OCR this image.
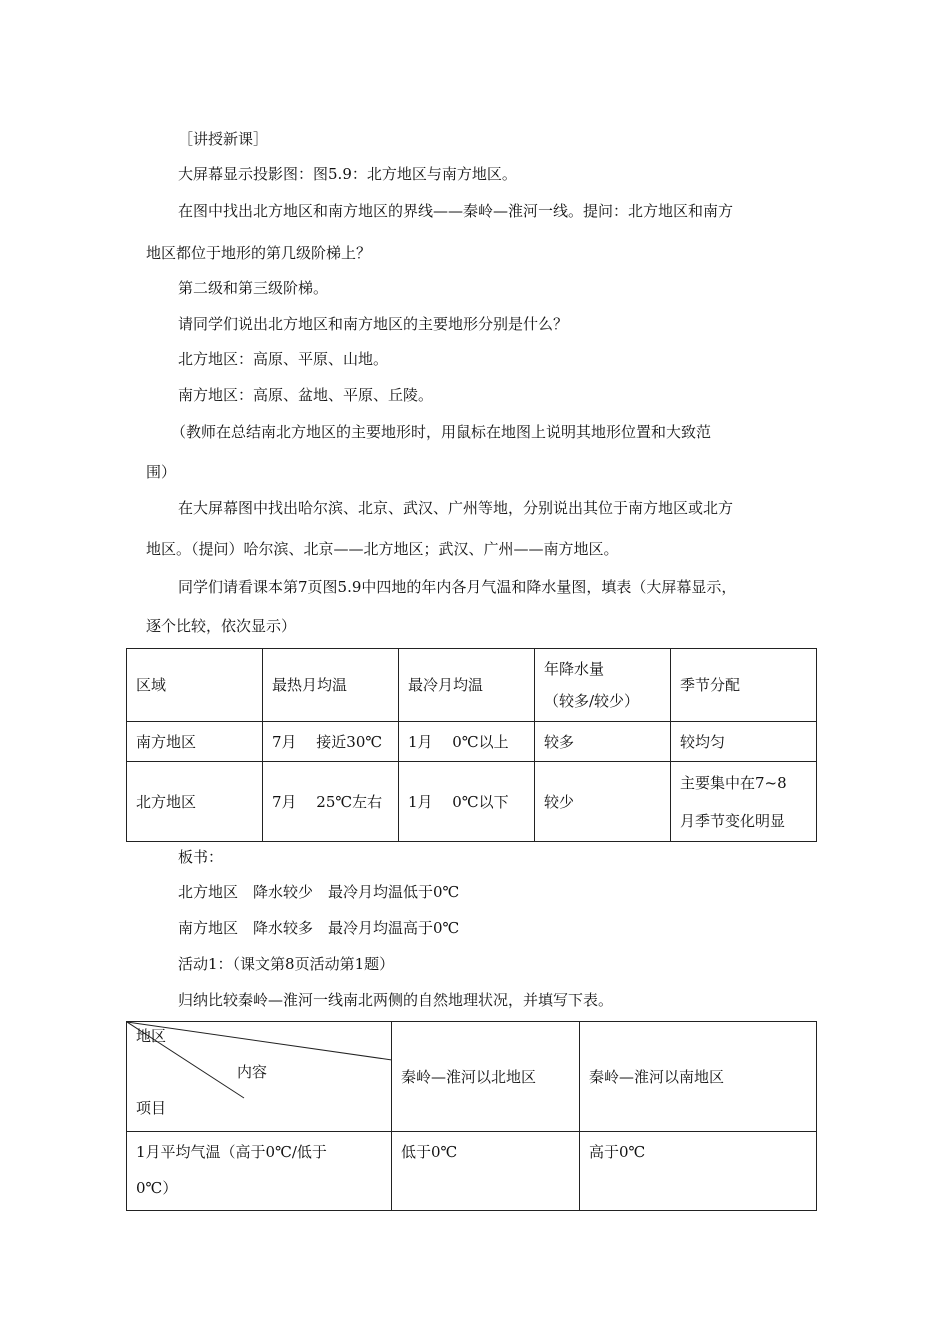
［讲授新课］
大屏幕显示投影图：图5.9：北方地区与南方地区。
在图中找出北方地区和南方地区的界线——秦岭—淮河一线。提问：北方地区和南方
地区都位于地形的第几级阶梯上？
第二级和第三级阶梯。
请同学们说出北方地区和南方地区的主要地形分别是什么？
北方地区：高原、平原、山地。
南方地区：高原、盆地、平原、丘陵。
（教师在总结南北方地区的主要地形时，用鼠标在地图上说明其地形位置和大致范
围）
在大屏幕图中找出哈尔滨、北京、武汉、广州等地，分别说出其位于南方地区或北方
地区。（提问）哈尔滨、北京——北方地区；武汉、广州——南方地区。
同学们请看课本第7页图5.9中四地的年内各月气温和降水量图，填表（大屏幕显示，
逐个比较，依次显示）
区域	最热月均温	最冷月均温	年降水量
（较多/较少）	季节分配
南方地区	7月　 接近30℃	1月　 0℃以上	较多	较均匀
北方地区	7月　 25℃左右	1月　 0℃以下	较少	主要集中在7~8
月季节变化明显
板书：
北方地区　降水较少　最冷月均温低于0℃
南方地区　降水较多　最冷月均温高于0℃
活动1：（课文第8页活动第1题）
归纳比较秦岭—淮河一线南北两侧的自然地理状况，并填写下表。
地区
内容
项目	秦岭—淮河以北地区	秦岭—淮河以南地区

1月平均气温（高于0℃/低于
0℃）	低于0℃	高于0℃
